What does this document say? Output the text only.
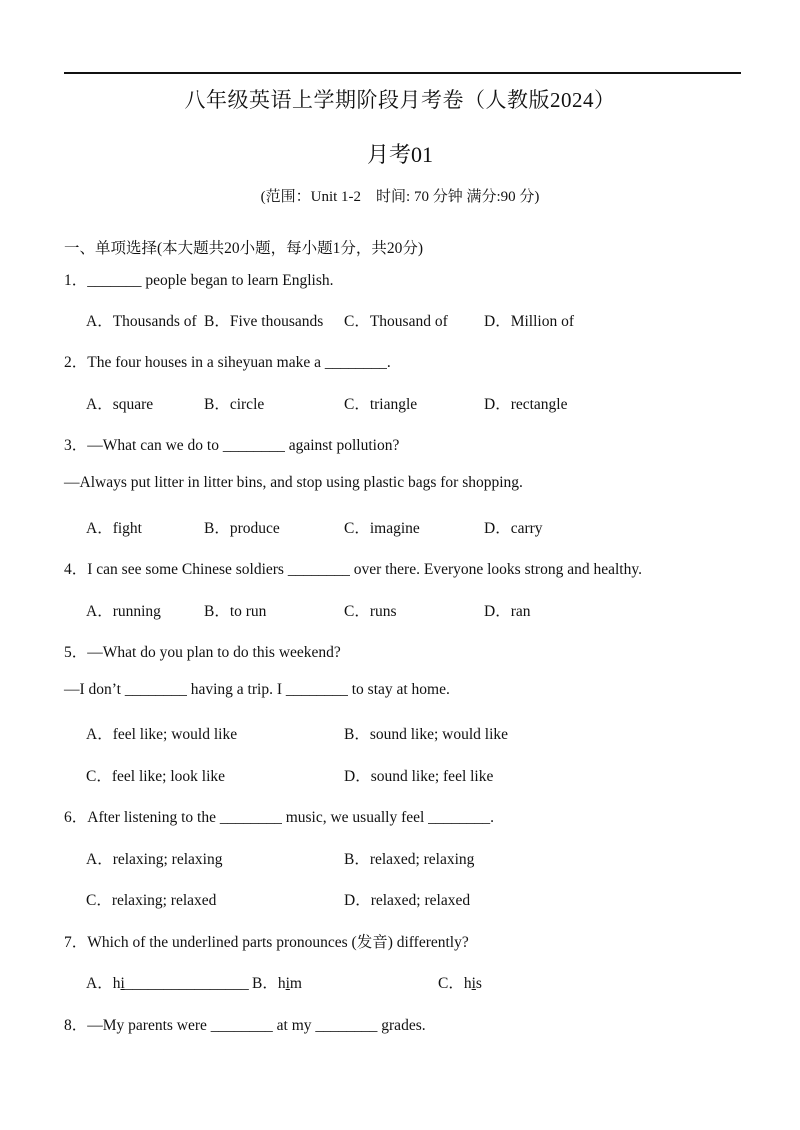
八年级英语上学期阶段月考卷（人教版2024）
月考01
(范围：Unit 1-2　时间: 70 分钟 满分:90 分)
一、单项选择(本大题共20小题，每小题1分，共20分)
1．_______ people began to learn English.
A．Thousands of B．Five thousands C．Thousand of D．Million of
2．The four houses in a siheyuan make a ________.
A．square	B．circle	C．triangle	D．rectangle
3．—What can we do to ________ against pollution?
—Always put litter in litter bins, and stop using plastic bags for shopping.
A．fight	B．produce	C．imagine	D．carry
4．I can see some Chinese soldiers ________ over there. Everyone looks strong and healthy.
A．running	B．to run	C．runs	D．ran
5．—What do you plan to do this weekend?
—I don’t ________ having a trip. I ________ to stay at home.
A．feel like; would like	B．sound like; would like
C．feel like; look like	D．sound like; feel like
6．After listening to the ________ music, we usually feel ________.
A．relaxing; relaxing	B．relaxed; relaxing
C．relaxing; relaxed	D．relaxed; relaxed
7．Which of the underlined parts pronounces (发音) differently?
A．hi________________ B．him	C．his
8．—My parents were ________ at my ________ grades.
